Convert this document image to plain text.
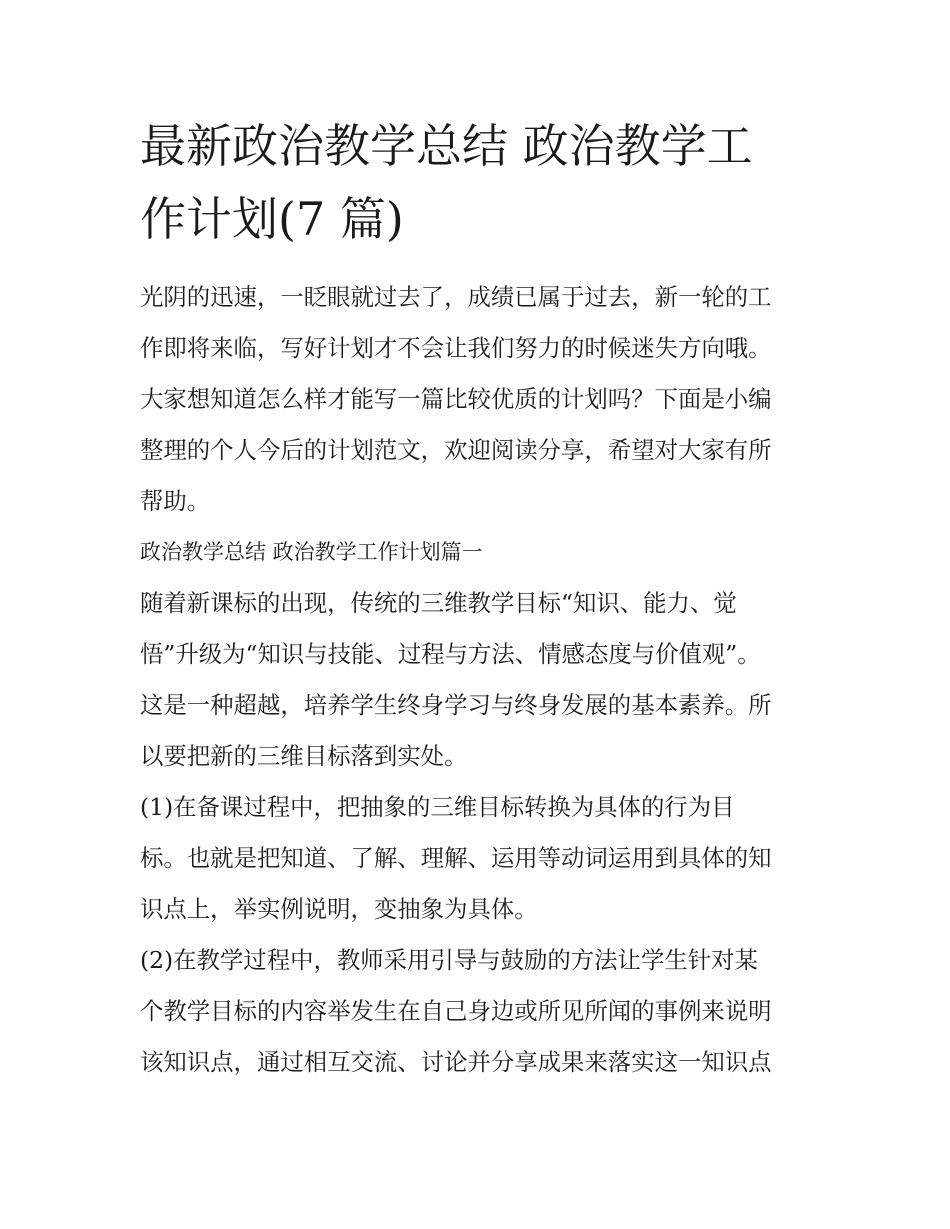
最新政治教学总结 政治教学工
作计划(7 篇)
光阴的迅速，一眨眼就过去了，成绩已属于过去，新一轮的工
作即将来临，写好计划才不会让我们努力的时候迷失方向哦。
大家想知道怎么样才能写一篇比较优质的计划吗？下面是小编
整理的个人今后的计划范文，欢迎阅读分享，希望对大家有所
帮助。
政治教学总结 政治教学工作计划篇一
随着新课标的出现，传统的三维教学目标“知识、能力、觉
悟”升级为“知识与技能、过程与方法、情感态度与价值观”。
这是一种超越，培养学生终身学习与终身发展的基本素养。所
以要把新的三维目标落到实处。
(1)在备课过程中，把抽象的三维目标转换为具体的行为目
标。也就是把知道、了解、理解、运用等动词运用到具体的知
识点上，举实例说明，变抽象为具体。
(2)在教学过程中，教师采用引导与鼓励的方法让学生针对某
个教学目标的内容举发生在自己身边或所见所闻的事例来说明
该知识点，通过相互交流、讨论并分享成果来落实这一知识点
